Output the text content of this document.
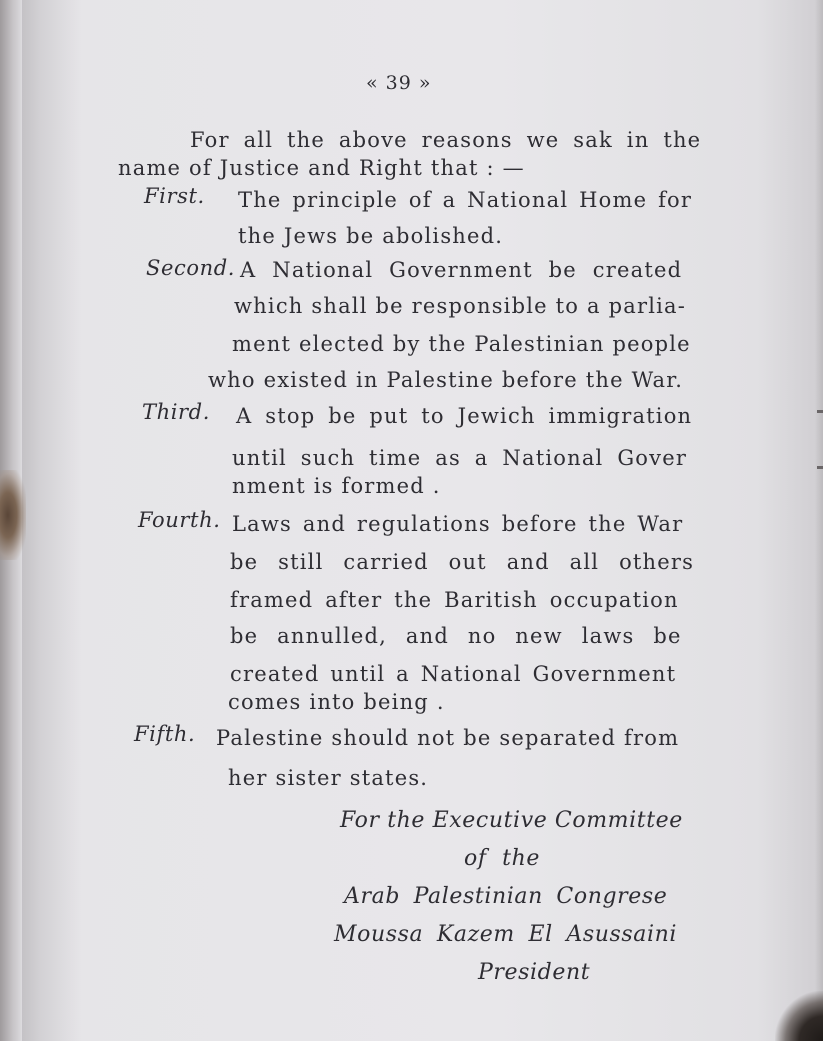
« 39 »
For all the above reasons we sak in the
name of Justice and Right that : —
First. The principle of a National Home for
the Jews be abolished.
Second. A National Government be created
which shall be responsible to a parlia-
ment elected by the Palestinian people
who existed in Palestine before the War.
Third. A stop be put to Jewich immigration
until such time as a National Gover
nment is formed .
Fourth. Laws and regulations before the War
be still carried out and all others
framed after the Baritish occupation
be annulled, and no new laws be
created until a National Government
comes into being .
Fifth. Palestine should not be separated from
her sister states.
For the Executive Committee
of the
Arab Palestinian Congrese
Moussa Kazem El Asussaini
President
